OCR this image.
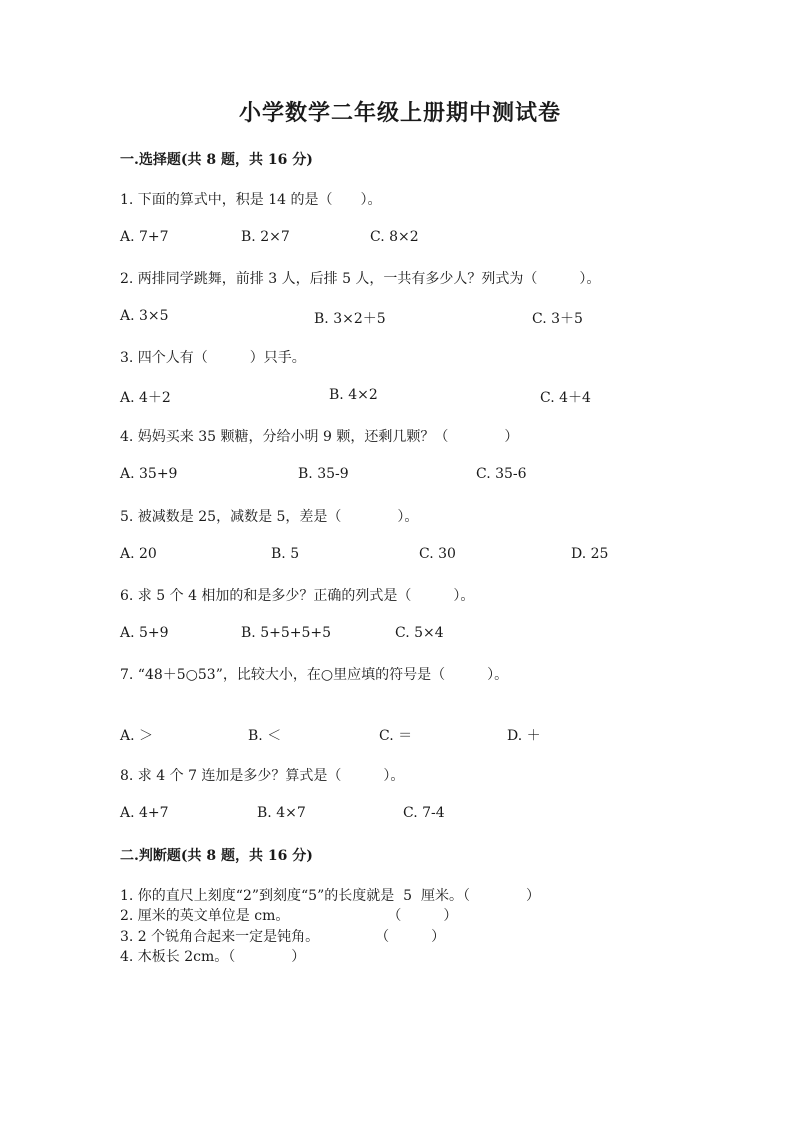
小学数学二年级上册期中测试卷
一.选择题(共 8 题，共 16 分)
1. 下面的算式中，积是 14 的是（　　）。
A. 7+7	B. 2×7	C. 8×2
2. 两排同学跳舞，前排 3 人，后排 5 人，一共有多少人？列式为（　　　）。
A. 3×5	B. 3×2＋5	C. 3＋5
3. 四个人有（　　　）只手。
A. 4＋2	B. 4×2	C. 4＋4
4. 妈妈买来 35 颗糖，分给小明 9 颗，还剩几颗？（　　　　）
A. 35+9	B. 35-9	C. 35-6
5. 被减数是 25，减数是 5，差是（　　　　）。
A. 20	B. 5	C. 30	D. 25
6. 求 5 个 4 相加的和是多少？正确的列式是（　　　）。
A. 5+9	B. 5+5+5+5	C. 5×4
7. “48＋5○53”，比较大小，在○里应填的符号是（　　　）。
A. ＞	B. ＜	C. ＝	D. ＋
8. 求 4 个 7 连加是多少？算式是（　　　）。
A. 4+7	B. 4×7	C. 7-4
二.判断题(共 8 题，共 16 分)
1. 你的直尺上刻度“2”到刻度“5”的长度就是  5  厘米。（　　　　）
2. 厘米的英文单位是 cm。　　　　　　　　（　　　）
3. 2 个锐角合起来一定是钝角。　　　　　（　　　）
4. 木板长 2cm。（　　　　）
